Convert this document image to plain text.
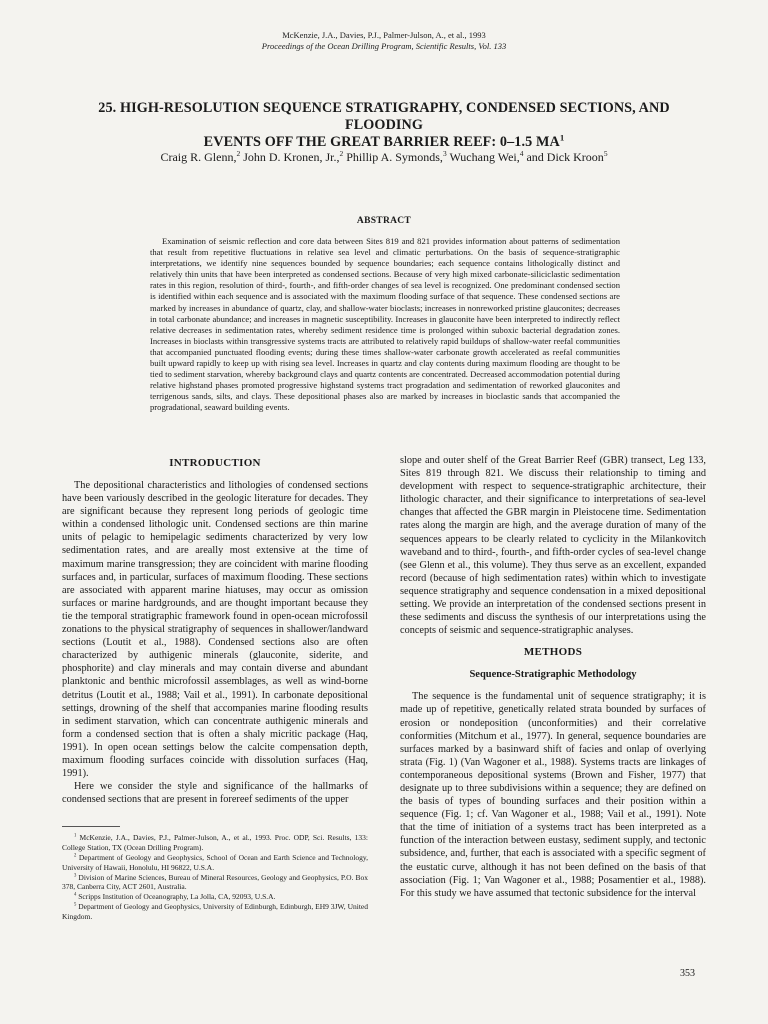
McKenzie, J.A., Davies, P.J., Palmer-Julson, A., et al., 1993
Proceedings of the Ocean Drilling Program, Scientific Results, Vol. 133
25. HIGH-RESOLUTION SEQUENCE STRATIGRAPHY, CONDENSED SECTIONS, AND FLOODING
EVENTS OFF THE GREAT BARRIER REEF: 0–1.5 $MA^1$

Craig R. Glenn,$^2$ John D. Kronen, Jr.,$^2$ Phillip A. Symonds,$^3$ Wuchang Wei,$^4$ and Dick Kroon$^5$

ABSTRACT

Examination of seismic reflection and core data between Sites 819 and 821 provides information about patterns of sedimentation that result from repetitive fluctuations in relative sea level and climatic perturbations. On the basis of sequence-stratigraphic interpretations, we identify nine sequences bounded by sequence boundaries; each sequence contains lithologically distinct and relatively thin units that have been interpreted as condensed sections. Because of very high mixed carbonate-siliciclastic sedimentation rates in this region, resolution of third-, fourth-, and fifth-order changes of sea level is recognized. One predominant condensed section is identified within each sequence and is associated with the maximum flooding surface of that sequence. These condensed sections are marked by increases in abundance of quartz, clay, and shallow-water bioclasts; increases in nonreworked pristine glauconites; decreases in total carbonate abundance; and increases in magnetic susceptibility. Increases in glauconite have been interpreted to indirectly reflect relative decreases in sedimentation rates, whereby sediment residence time is prolonged within suboxic bacterial degradation zones. Increases in bioclasts within transgressive systems tracts are attributed to relatively rapid buildups of shallow-water reefal communities that accompanied punctuated flooding events; during these times shallow-water carbonate growth accelerated as reefal communities built upward rapidly to keep up with rising sea level. Increases in quartz and clay contents during maximum flooding are thought to be tied to sediment starvation, whereby background clays and quartz contents are concentrated. Decreased accommodation potential during relative highstand phases promoted progressive highstand systems tract progradation and sedimentation of reworked glauconites and terrigenous sands, silts, and clays. These depositional phases also are marked by increases in bioclastic sands that accompanied the progradational, seaward building events.

INTRODUCTION

The depositional characteristics and lithologies of condensed sections have been variously described in the geologic literature for decades. They are significant because they represent long periods of geologic time within a condensed lithologic unit. Condensed sections are thin marine units of pelagic to hemipelagic sediments characterized by very low sedimentation rates, and are areally most extensive at the time of maximum marine transgression; they are coincident with marine flooding surfaces and, in particular, surfaces of maximum flooding. These sections are associated with apparent marine hiatuses, may occur as omission surfaces or marine hardgrounds, and are thought important because they tie the temporal stratigraphic framework found in open-ocean microfossil zonations to the physical stratigraphy of sequences in shallower/landward sections (Loutit et al., 1988). Condensed sections also are often characterized by authigenic minerals (glauconite, siderite, and phosphorite) and clay minerals and may contain diverse and abundant planktonic and benthic microfossil assemblages, as well as wind-borne detritus (Loutit et al., 1988; Vail et al., 1991). In carbonate depositional settings, drowning of the shelf that accompanies marine flooding results in sediment starvation, which can concentrate authigenic minerals and form a condensed section that is often a shaly micritic package (Haq, 1991). In open ocean settings below the calcite compensation depth, maximum flooding surfaces coincide with dissolution surfaces (Haq, 1991).

Here we consider the style and significance of the hallmarks of condensed sections that are present in forereef sediments of the upper

$^1$ McKenzie, J.A., Davies, P.J., Palmer-Julson, A., et al., 1993. Proc. ODP, Sci. Results, 133: College Station, TX (Ocean Drilling Program).

$^2$ Department of Geology and Geophysics, School of Ocean and Earth Science and Technology, University of Hawaii, Honolulu, HI 96822, U.S.A.

$^3$ Division of Marine Sciences, Bureau of Mineral Resources, Geology and Geophysics, P.O. Box 378, Canberra City, ACT 2601, Australia.

$^4$ Scripps Institution of Oceanography, La Jolla, CA, 92093, U.S.A.

$^5$ Department of Geology and Geophysics, University of Edinburgh, Edinburgh, EH9 3JW, United Kingdom.

slope and outer shelf of the Great Barrier Reef (GBR) transect, Leg 133, Sites 819 through 821. We discuss their relationship to timing and development with respect to sequence-stratigraphic architecture, their lithologic character, and their significance to interpretations of sea-level changes that affected the GBR margin in Pleistocene time. Sedimentation rates along the margin are high, and the average duration of many of the sequences appears to be clearly related to cyclicity in the Milankovitch waveband and to third-, fourth-, and fifth-order cycles of sea-level change (see Glenn et al., this volume). They thus serve as an excellent, expanded record (because of high sedimentation rates) within which to investigate sequence stratigraphy and sequence condensation in a mixed depositional setting. We provide an interpretation of the condensed sections present in these sediments and discuss the synthesis of our interpretations using the concepts of seismic and sequence-stratigraphic analyses.

METHODS
Sequence-Stratigraphic Methodology

The sequence is the fundamental unit of sequence stratigraphy; it is made up of repetitive, genetically related strata bounded by surfaces of erosion or nondeposition (unconformities) and their correlative conformities (Mitchum et al., 1977). In general, sequence boundaries are surfaces marked by a basinward shift of facies and onlap of overlying strata (Fig. 1) (Van Wagoner et al., 1988). Systems tracts are linkages of contemporaneous depositional systems (Brown and Fisher, 1977) that designate up to three subdivisions within a sequence; they are defined on the basis of types of bounding surfaces and their position within a sequence (Fig. 1; cf. Van Wagoner et al., 1988; Vail et al., 1991). Note that the time of initiation of a systems tract has been interpreted as a function of the interaction between eustasy, sediment supply, and tectonic subsidence, and, further, that each is associated with a specific segment of the eustatic curve, although it has not been defined on the basis of that association (Fig. 1; Van Wagoner et al., 1988; Posamentier et al., 1988). For this study we have assumed that tectonic subsidence for the interval

353
